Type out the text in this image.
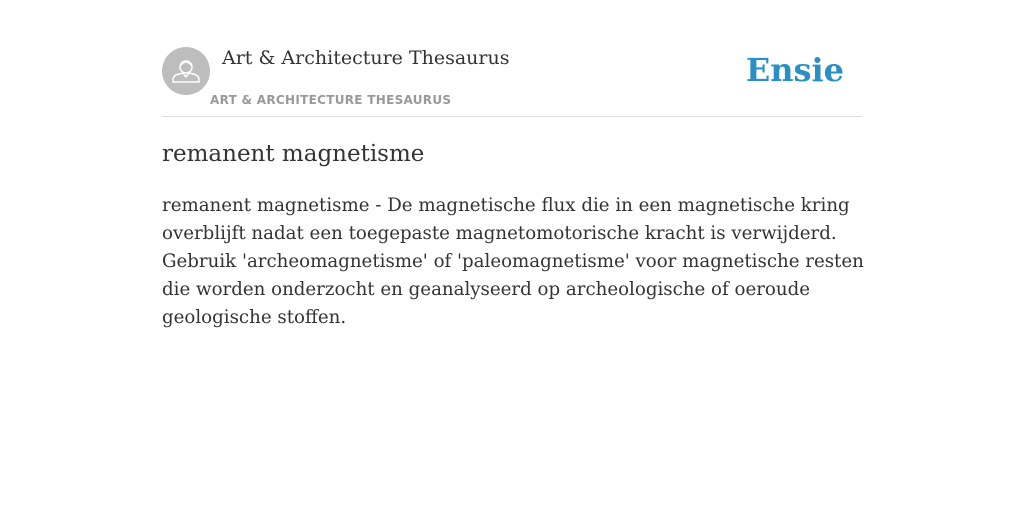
Art & Architecture Thesaurus
ART & ARCHITECTURE THESAURUS
Ensie
remanent magnetisme

remanent magnetisme - De magnetische flux die in een magnetische kring overblijft nadat een toegepaste magnetomotorische kracht is verwijderd. Gebruik 'archeomagnetisme' of 'paleomagnetisme' voor magnetische resten die worden onderzocht en geanalyseerd op archeologische of oeroude geologische stoffen.
